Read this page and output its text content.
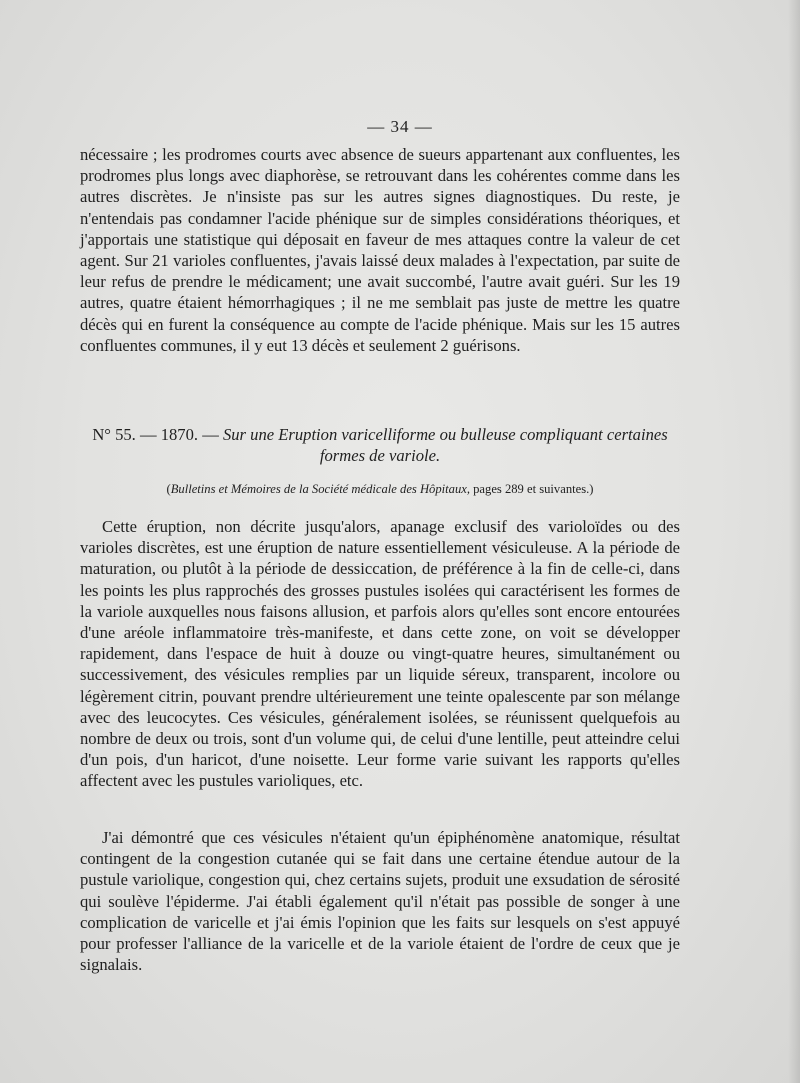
— 34 —

nécessaire ; les prodromes courts avec absence de sueurs appartenant aux confluentes, les prodromes plus longs avec diaphorèse, se retrouvant dans les cohérentes comme dans les autres discrètes. Je n'insiste pas sur les autres signes diagnostiques. Du reste, je n'entendais pas condamner l'acide phénique sur de simples considérations théoriques, et j'apportais une statistique qui déposait en faveur de mes attaques contre la valeur de cet agent. Sur 21 varioles confluentes, j'avais laissé deux malades à l'expectation, par suite de leur refus de prendre le médicament; une avait succombé, l'autre avait guéri. Sur les 19 autres, quatre étaient hémorrhagiques ; il ne me semblait pas juste de mettre les quatre décès qui en furent la conséquence au compte de l'acide phénique. Mais sur les 15 autres confluentes communes, il y eut 13 décès et seulement 2 guérisons.

N° 55. — 1870. — Sur une Eruption varicelliforme ou bulleuse compliquant certaines formes de variole.
(Bulletins et Mémoires de la Société médicale des Hôpitaux, pages 289 et suivantes.)

Cette éruption, non décrite jusqu'alors, apanage exclusif des varioloïdes ou des varioles discrètes, est une éruption de nature essentiellement vésiculeuse. A la période de maturation, ou plutôt à la période de dessiccation, de préférence à la fin de celle-ci, dans les points les plus rapprochés des grosses pustules isolées qui caractérisent les formes de la variole auxquelles nous faisons allusion, et parfois alors qu'elles sont encore entourées d'une aréole inflammatoire très-manifeste, et dans cette zone, on voit se développer rapidement, dans l'espace de huit à douze ou vingt-quatre heures, simultanément ou successivement, des vésicules remplies par un liquide séreux, transparent, incolore ou légèrement citrin, pouvant prendre ultérieurement une teinte opalescente par son mélange avec des leucocytes. Ces vésicules, généralement isolées, se réunissent quelquefois au nombre de deux ou trois, sont d'un volume qui, de celui d'une lentille, peut atteindre celui d'un pois, d'un haricot, d'une noisette. Leur forme varie suivant les rapports qu'elles affectent avec les pustules varioliques, etc.

J'ai démontré que ces vésicules n'étaient qu'un épiphénomène anatomique, résultat contingent de la congestion cutanée qui se fait dans une certaine étendue autour de la pustule variolique, congestion qui, chez certains sujets, produit une exsudation de sérosité qui soulève l'épiderme. J'ai établi également qu'il n'était pas possible de songer à une complication de varicelle et j'ai émis l'opinion que les faits sur lesquels on s'est appuyé pour professer l'alliance de la varicelle et de la variole étaient de l'ordre de ceux que je signalais.
